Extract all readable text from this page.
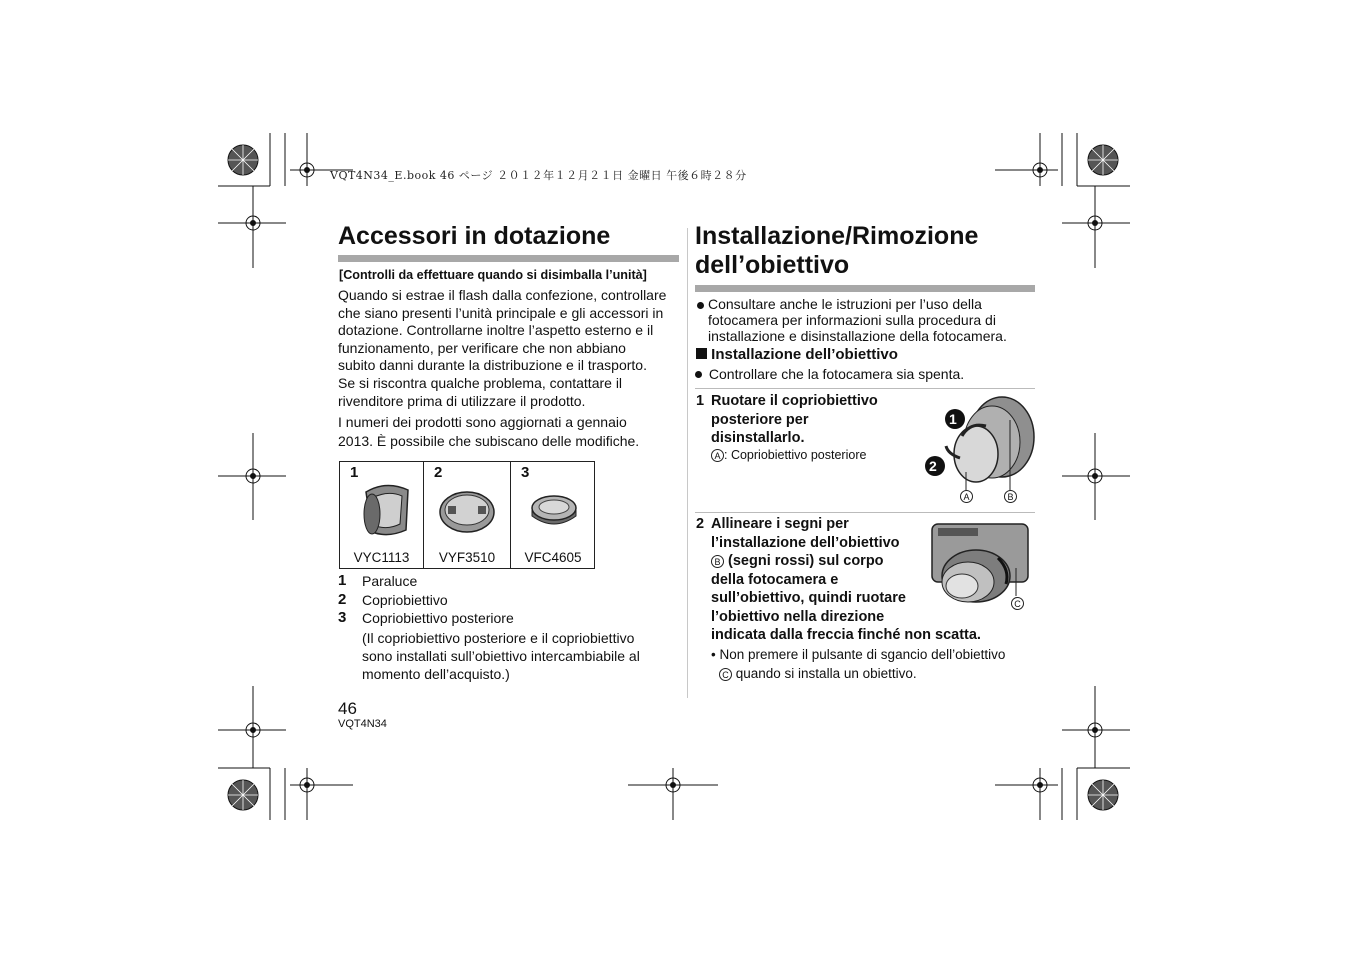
VQT4N34_E.book 46 ページ ２０１２年１２月２１日 金曜日 午後６時２８分
Accessori in dotazione
[Controlli da effettuare quando si disimballa l’unità]

Quando si estrae il flash dalla confezione, controllare

che siano presenti l’unità principale e gli accessori in

dotazione. Controllarne inoltre l’aspetto esterno e il

funzionamento, per verificare che non abbiano

subito danni durante la distribuzione e il trasporto.

Se si riscontra qualche problema, contattare il

rivenditore prima di utilizzare il prodotto.

I numeri dei prodotti sono aggiornati a gennaio

2013. È possibile che subiscano delle modifiche.

1
VYC1113
2
VYF3510
3
VFC4605
1 Paraluce
2 Copriobiettivo
3 Copriobiettivo posteriore

(Il copriobiettivo posteriore e il copriobiettivo

sono installati sull’obiettivo intercambiabile al

momento dell’acquisto.)

46
VQT4N34
Installazione/Rimozione
dell’obiettivo
Consultare anche le istruzioni per l’uso della
fotocamera per informazioni sulla procedura di
installazione e disinstallazione della fotocamera.
Installazione dell’obiettivo
Controllare che la fotocamera sia spenta.
1 Ruotare il copriobiettivo
posteriore per
disinstallarlo.
A : Copriobiettivo posteriore
1
2
A	B
2 Allineare i segni per
l’installazione dell’obiettivo
B (segni rossi) sul corpo
della fotocamera e
sull’obiettivo, quindi ruotare
l’obiettivo nella direzione
indicata dalla freccia finché non scatta.
C
• Non premere il pulsante di sgancio dell’obiettivo
C quando si installa un obiettivo.
